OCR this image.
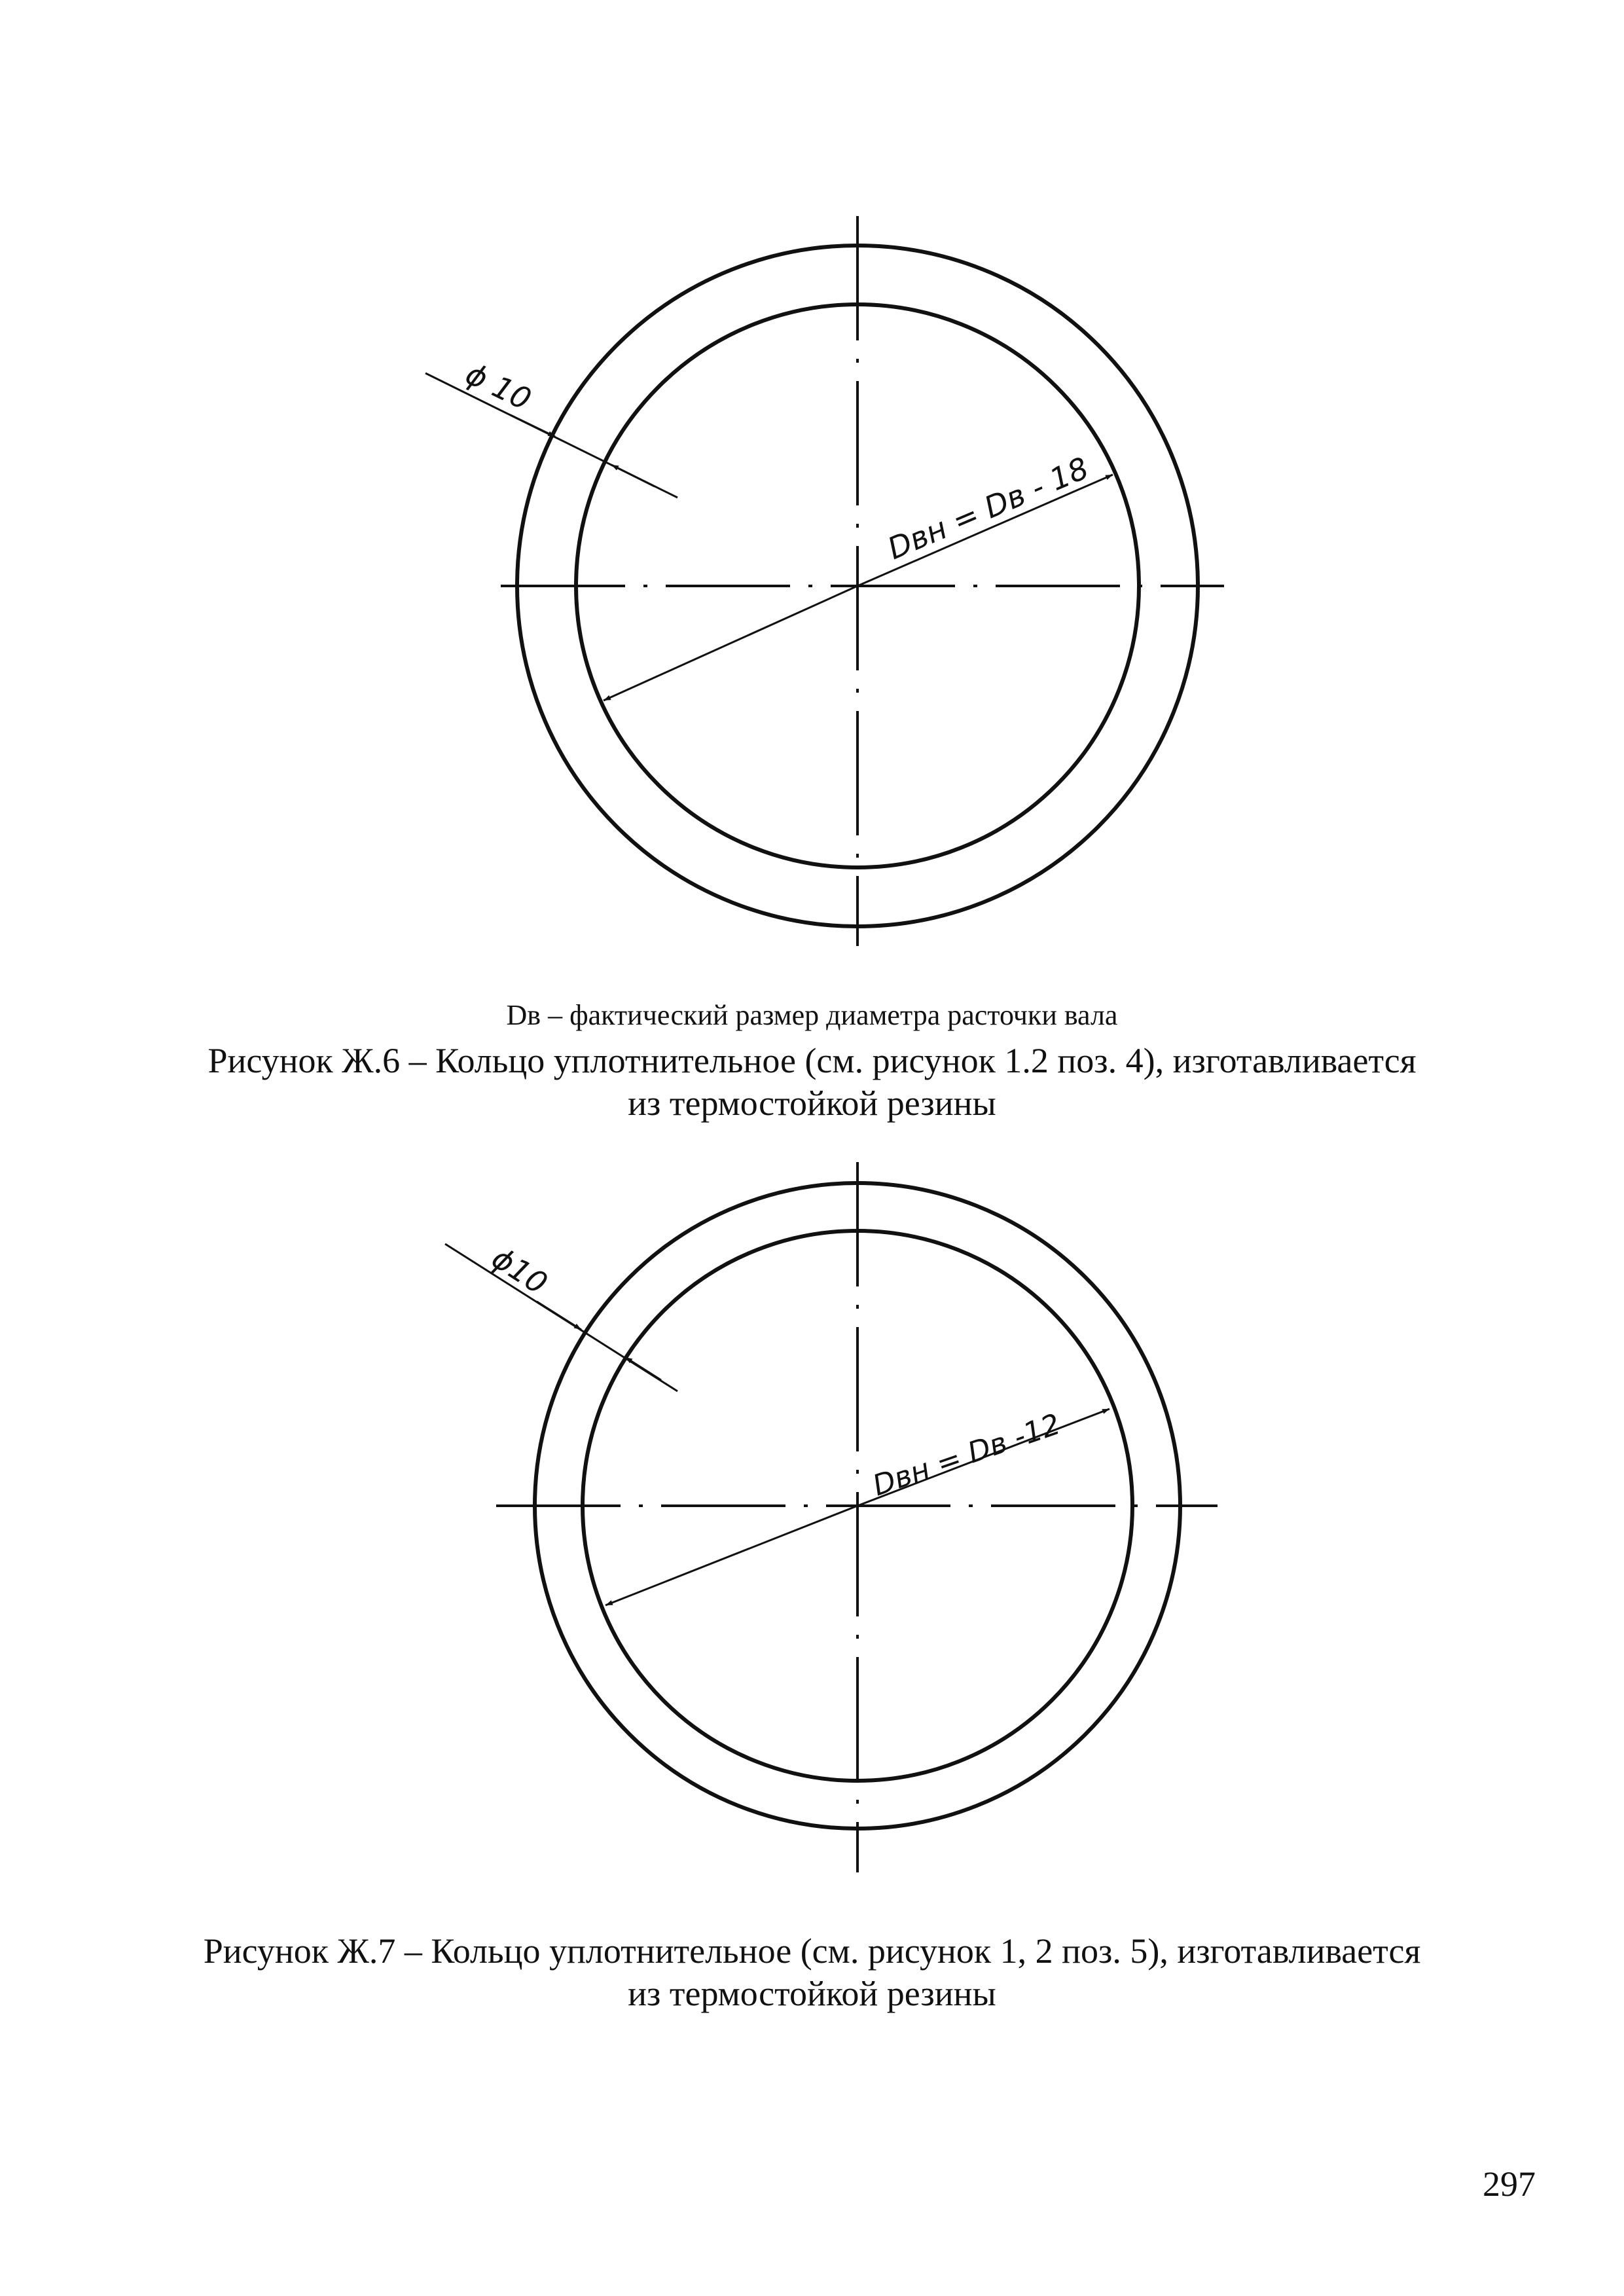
ϕ 10
Dвн = Dв - 18
Dв – фактический размер диаметра расточки вала
Рисунок Ж.6 – Кольцо уплотнительное (см. рисунок 1.2 поз. 4), изготавливается
из термостойкой резины
ϕ10
Dвн = Dв -12
Рисунок Ж.7 – Кольцо уплотнительное (см. рисунок 1, 2 поз. 5), изготавливается
из термостойкой резины
297
